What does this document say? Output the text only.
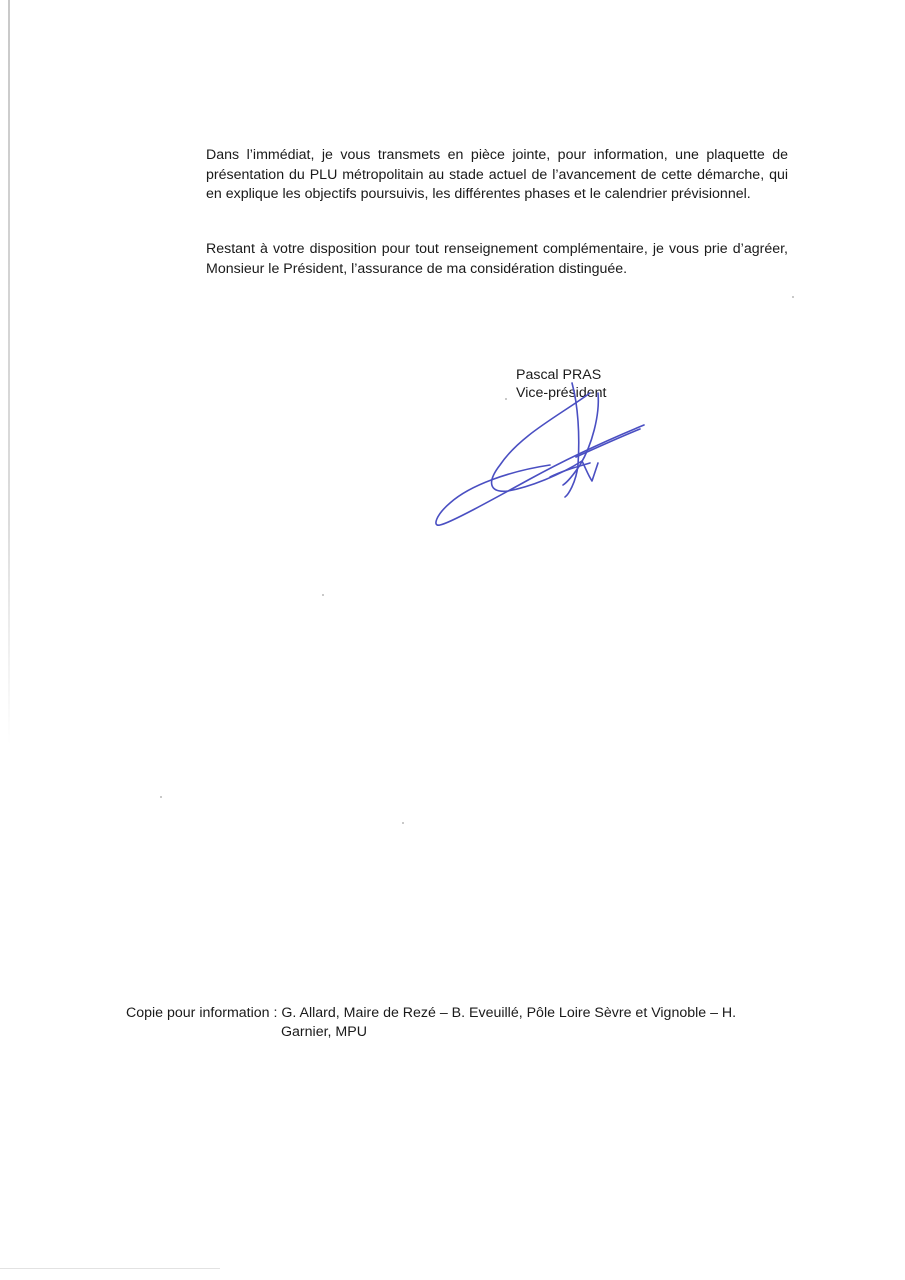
Dans l’immédiat, je vous transmets en pièce jointe, pour information, une plaquette de présentation du PLU métropolitain au stade actuel de l’avancement de cette démarche, qui en explique les objectifs poursuivis, les différentes phases et le calendrier prévisionnel.

Restant à votre disposition pour tout renseignement complémentaire, je vous prie d’agréer, Monsieur le Président, l’assurance de ma considération distinguée.

Pascal PRAS

Vice-président

Copie pour information : G. Allard, Maire de Rezé – B. Eveuillé, Pôle Loire Sèvre et Vignoble – H.
Garnier, MPU
